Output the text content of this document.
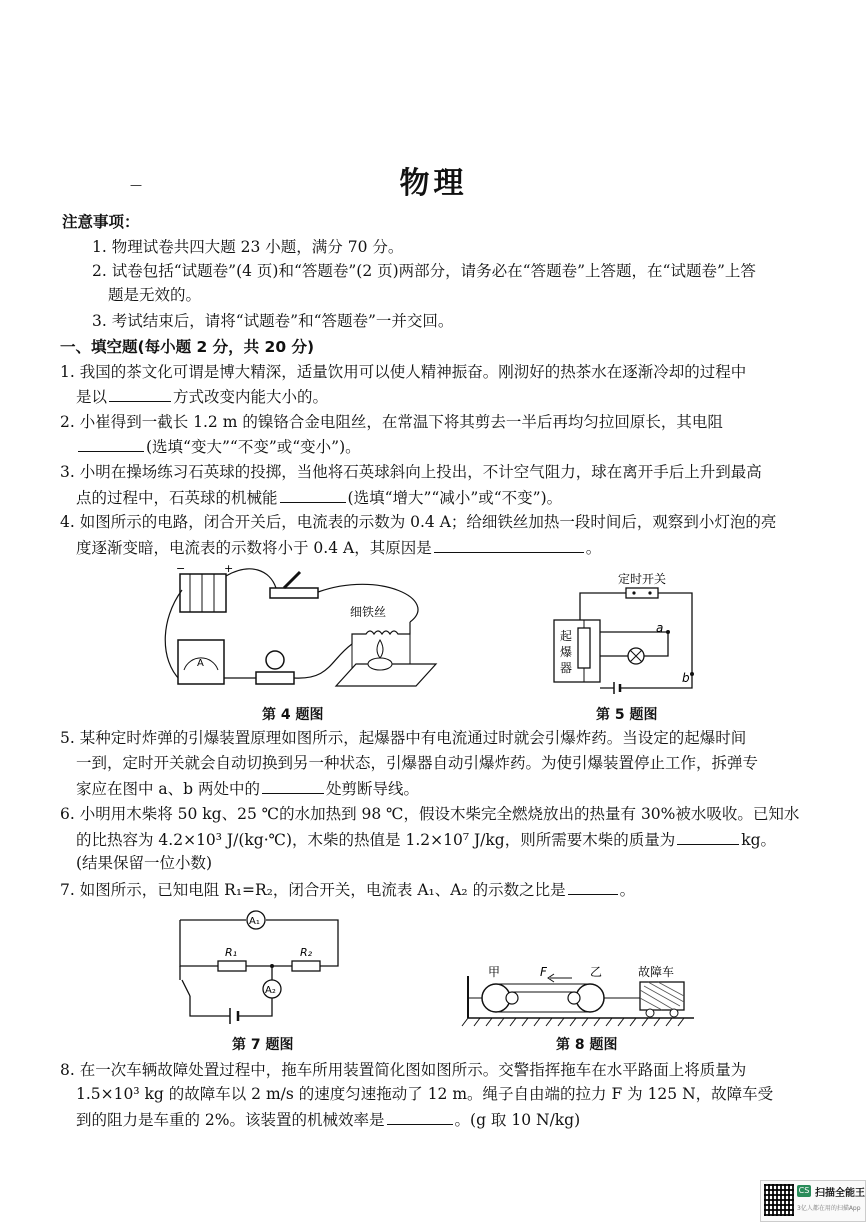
—	物理
注意事项：
1. 物理试卷共四大题 23 小题，满分 70 分。
2. 试卷包括“试题卷”(4 页)和“答题卷”(2 页)两部分，请务必在“答题卷”上答题，在“试题卷”上答
题是无效的。
3. 考试结束后，请将“试题卷”和“答题卷”一并交回。
一、填空题(每小题 2 分，共 20 分)
1. 我国的茶文化可谓是博大精深，适量饮用可以使人精神振奋。刚沏好的热茶水在逐渐冷却的过程中
是以	方式改变内能大小的。
2. 小崔得到一截长 1.2 m 的镍铬合金电阻丝，在常温下将其剪去一半后再均匀拉回原长，其电阻
(选填“变大”“不变”或“变小”)。
3. 小明在操场练习石英球的投掷，当他将石英球斜向上投出，不计空气阻力，球在离开手后上升到最高
点的过程中，石英球的机械能	(选填“增大”“减小”或“不变”)。
4. 如图所示的电路，闭合开关后，电流表的示数为 0.4 A；给细铁丝加热一段时间后，观察到小灯泡的亮
度逐渐变暗，电流表的示数将小于 0.4 A，其原因是	。
−	+
A
细铁丝
第 4 题图
定时开关
起
爆
器
a
b
第 5 题图
5. 某种定时炸弹的引爆装置原理如图所示，起爆器中有电流通过时就会引爆炸药。当设定的起爆时间
一到，定时开关就会自动切换到另一种状态，引爆器自动引爆炸药。为使引爆装置停止工作，拆弹专
家应在图中 a、b 两处中的	处剪断导线。
6. 小明用木柴将 50 kg、25 ℃的水加热到 98 ℃，假设木柴完全燃烧放出的热量有 30%被水吸收。已知水
的比热容为 4.2×10³ J/(kg·℃)，木柴的热值是 1.2×10⁷ J/kg，则所需要木柴的质量为	kg。
(结果保留一位小数)
7. 如图所示，已知电阻 R₁=R₂，闭合开关，电流表 A₁、A₂ 的示数之比是	。
A₁
R₁	R₂
A₂
第 7 题图
甲	F	乙	故障车
第 8 题图
8. 在一次车辆故障处置过程中，拖车所用装置简化图如图所示。交警指挥拖车在水平路面上将质量为
1.5×10³ kg 的故障车以 2 m/s 的速度匀速拖动了 12 m。绳子自由端的拉力 F 为 125 N，故障车受
到的阻力是车重的 2%。该装置的机械效率是	。(g 取 10 N/kg)
CS 扫描全能王
3亿人都在用的扫描App
